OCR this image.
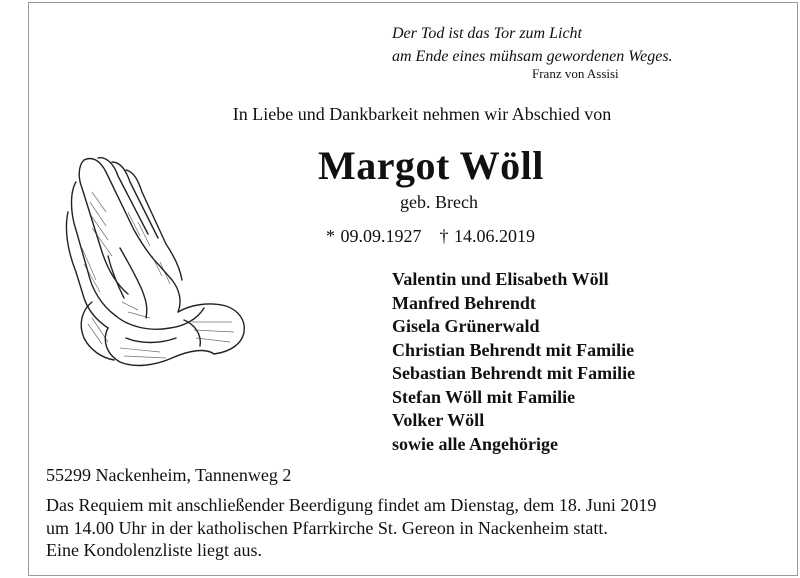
Der Tod ist das Tor zum Licht
am Ende eines mühsam gewordenen Weges.
Franz von Assisi
In Liebe und Dankbarkeit nehmen wir Abschied von
Margot Wöll
geb. Brech
* 09.09.1927 † 14.06.2019
Valentin und Elisabeth Wöll
Manfred Behrendt
Gisela Grünerwald
Christian Behrendt mit Familie
Sebastian Behrendt mit Familie
Stefan Wöll mit Familie
Volker Wöll
sowie alle Angehörige
55299 Nackenheim, Tannenweg 2
Das Requiem mit anschließender Beerdigung findet am Dienstag, dem 18. Juni 2019
um 14.00 Uhr in der katholischen Pfarrkirche St. Gereon in Nackenheim statt.
Eine Kondolenzliste liegt aus.
